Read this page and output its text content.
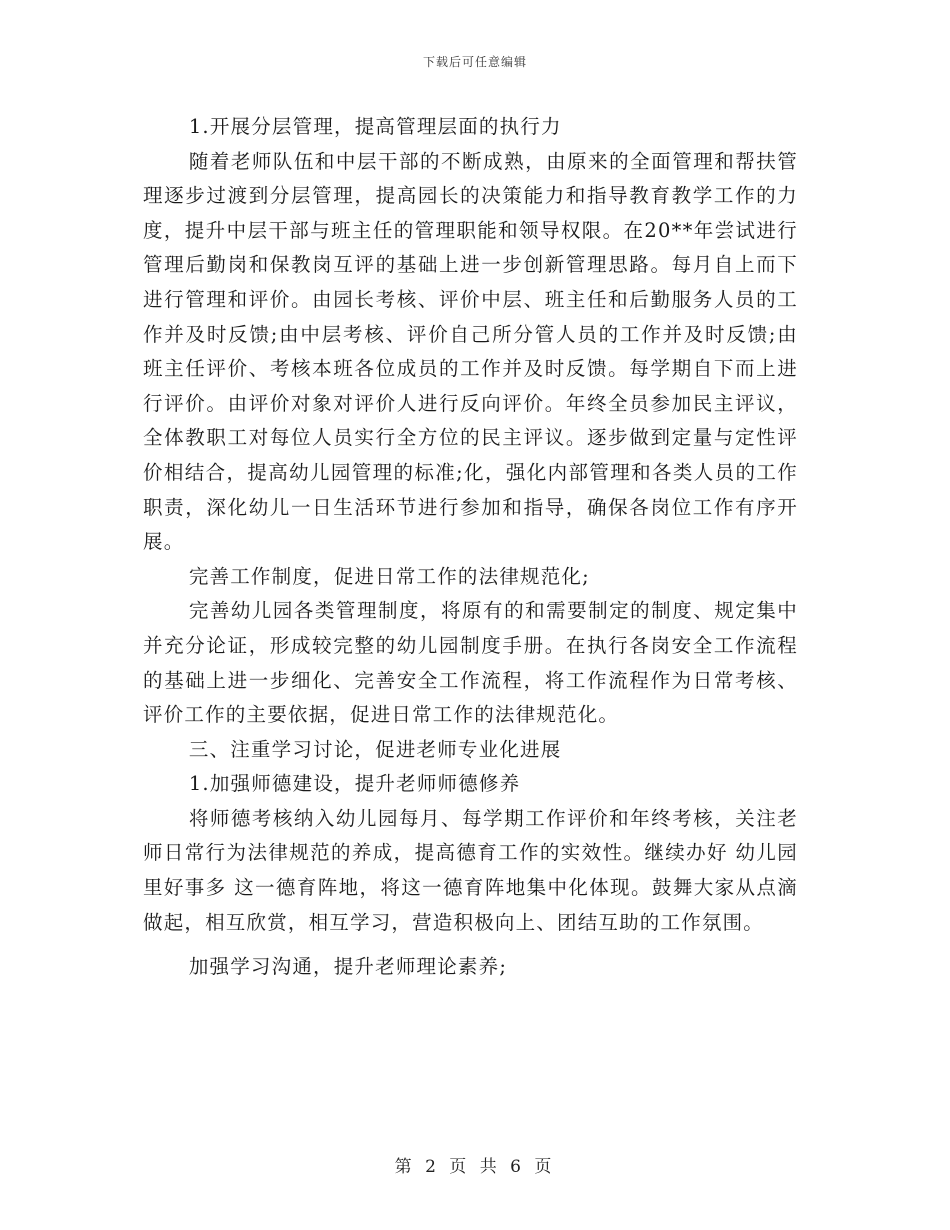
下载后可任意编辑

1.开展分层管理，提高管理层面的执行力

随着老师队伍和中层干部的不断成熟，由原来的全面管理和帮扶管理逐步过渡到分层管理，提高园长的决策能力和指导教育教学工作的力度，提升中层干部与班主任的管理职能和领导权限。在20**年尝试进行管理后勤岗和保教岗互评的基础上进一步创新管理思路。每月自上而下进行管理和评价。由园长考核、评价中层、班主任和后勤服务人员的工作并及时反馈;由中层考核、评价自己所分管人员的工作并及时反馈;由班主任评价、考核本班各位成员的工作并及时反馈。每学期自下而上进行评价。由评价对象对评价人进行反向评价。年终全员参加民主评议，全体教职工对每位人员实行全方位的民主评议。逐步做到定量与定性评价相结合，提高幼儿园管理的标准;化，强化内部管理和各类人员的工作职责，深化幼儿一日生活环节进行参加和指导，确保各岗位工作有序开展。

完善工作制度，促进日常工作的法律规范化;

完善幼儿园各类管理制度，将原有的和需要制定的制度、规定集中并充分论证，形成较完整的幼儿园制度手册。在执行各岗安全工作流程的基础上进一步细化、完善安全工作流程，将工作流程作为日常考核、评价工作的主要依据，促进日常工作的法律规范化。

三、注重学习讨论，促进老师专业化进展

1.加强师德建设，提升老师师德修养

将师德考核纳入幼儿园每月、每学期工作评价和年终考核，关注老师日常行为法律规范的养成，提高德育工作的实效性。继续办好 幼儿园里好事多 这一德育阵地，将这一德育阵地集中化体现。鼓舞大家从点滴做起，相互欣赏，相互学习，营造积极向上、团结互助的工作氛围。

加强学习沟通，提升老师理论素养;

第 2 页 共 6 页
